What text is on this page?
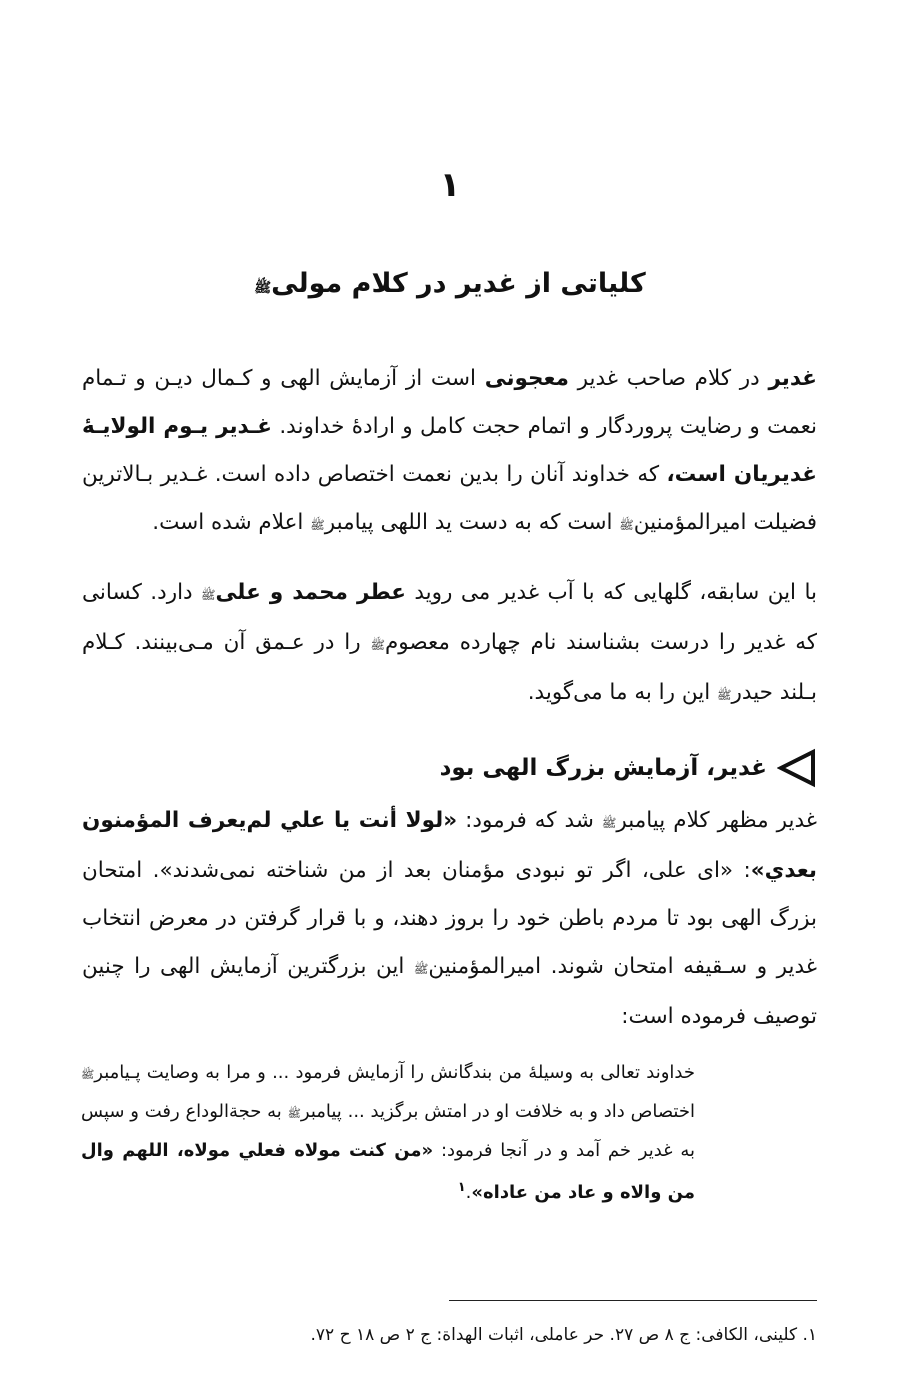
۱
کلیاتی از غدیر در کلام مولیﷺ

غدیر در کلام صاحب غدیر معجونی است از آزمایش الهی و کـمال دیـن و تـمام نعمت و رضایت پروردگار و اتمام حجت کامل و ارادۀ خداوند. غـدیر یـوم الولایـۀ غدیریان است، که خداوند آنان را بدین نعمت اختصاص داده است. غـدیر بـالاترین فضیلت امیرالمؤمنینﷺ است که به دست ید اللهی پیامبرﷺ اعلام شده است.

با این سابقه، گلهایی که با آب غدیر می روید عطر محمد و علیﷺ دارد. کسانی که غدیر را درست بشناسند نام چهارده معصومﷺ را در عـمق آن مـی‌بینند. کـلام بـلند حیدرﷺ این را به ما می‌گوید.

غدیر، آزمایش بزرگ الهی بود

غدیر مظهر کلام پیامبرﷺ شد که فرمود: «لولا أنت یا علي لم‌یعرف المؤمنون بعدي»: «ای علی، اگر تو نبودی مؤمنان بعد از من شناخته نمی‌شدند». امتحان بزرگ الهی بود تا مردم باطن خود را بروز دهند، و با قرار گرفتن در معرض انتخاب غدیر و سـقیفه امتحان شوند. امیرالمؤمنینﷺ این بزرگترین آزمایش الهی را چنین توصیف فرموده است:

خداوند تعالی به وسیلۀ من بندگانش را آزمایش فرمود ... و مرا به وصایت پـیامبرﷺ اختصاص داد و به خلافت او در امتش برگزید ... پیامبرﷺ به حجة‌الوداع رفت و سپس به غدیر خم آمد و در آنجا فرمود: «من کنت مولاه فعلي مولاه، اللهم وال من والاه و عاد من عاداه».$^۱$

۱. کلینی، الکافی: ج ۸ ص ۲۷. حر عاملی، اثبات الهداة: ج ۲ ص ۱۸ ح ۷۲.
